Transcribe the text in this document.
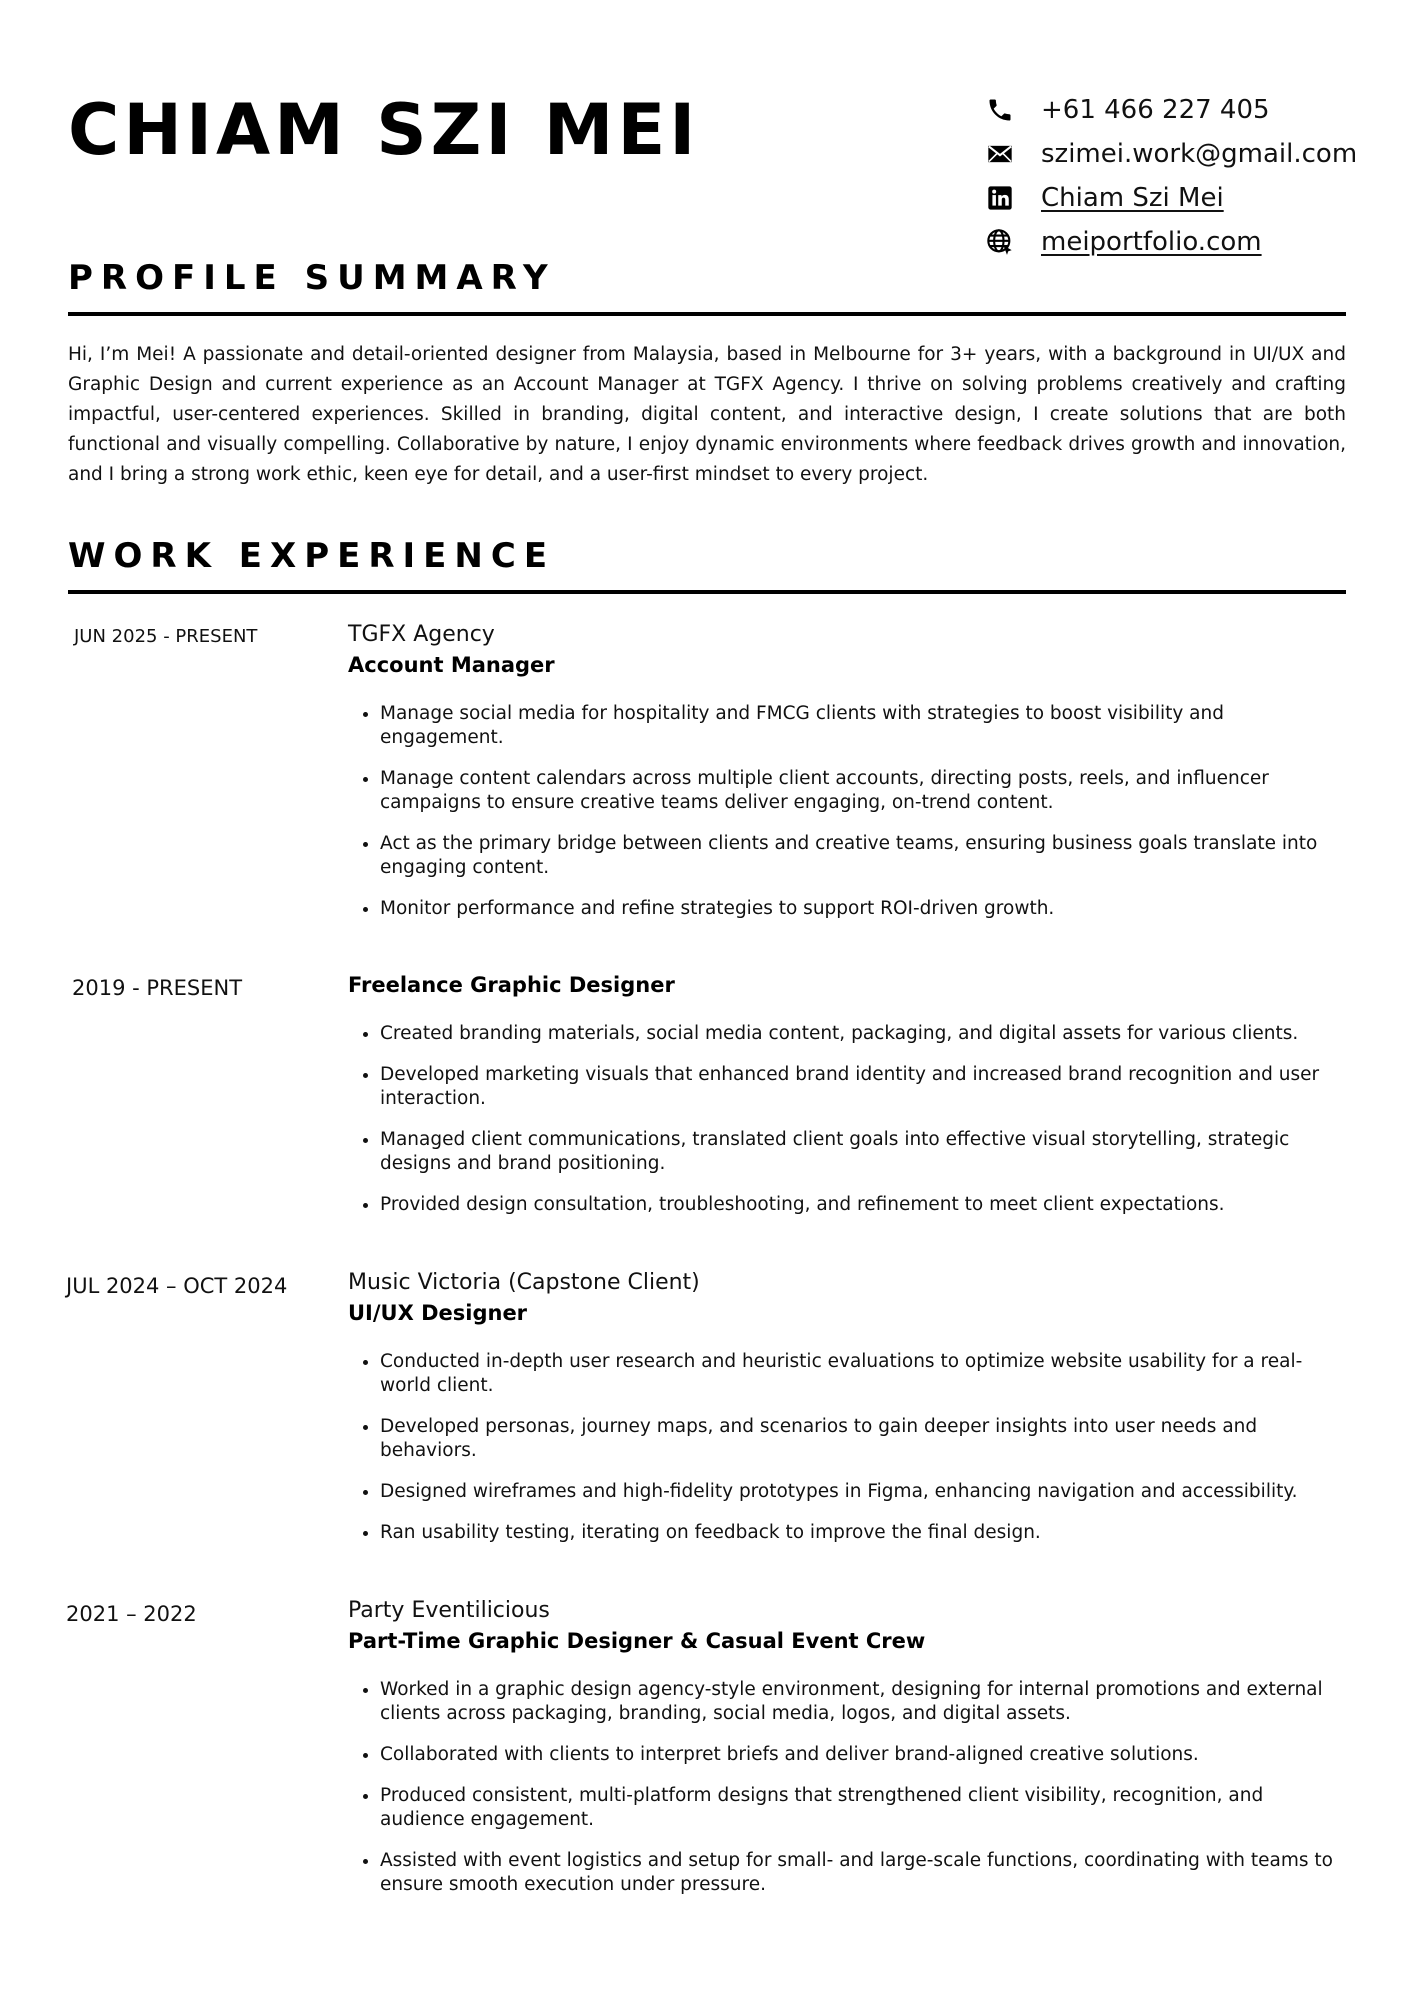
CHIAM SZI MEI	+61 466 227 405
szimei.work@gmail.com
Chiam Szi Mei
meiportfolio.com
PROFILE SUMMARY

Hi, I’m Mei! A passionate and detail-oriented designer from Malaysia, based in Melbourne for 3+ years, with a background in UI/UX and Graphic Design and current experience as an Account Manager at TGFX Agency. I thrive on solving problems creatively and crafting impactful, user-centered experiences. Skilled in branding, digital content, and interactive design, I create solutions that are both functional and visually compelling. Collaborative by nature, I enjoy dynamic environments where feedback drives growth and innovation, and I bring a strong work ethic, keen eye for detail, and a user-first mindset to every project.

WORK EXPERIENCE
JUN 2025 - PRESENT	TGFX Agency

Account Manager

• Manage social media for hospitality and FMCG clients with strategies to boost visibility and engagement.
• Manage content calendars across multiple client accounts, directing posts, reels, and influencer campaigns to ensure creative teams deliver engaging, on-trend content.
• Act as the primary bridge between clients and creative teams, ensuring business goals translate into engaging content.
• Monitor performance and refine strategies to support ROI-driven growth.
2019 - PRESENT	Freelance Graphic Designer

• Created branding materials, social media content, packaging, and digital assets for various clients.
• Developed marketing visuals that enhanced brand identity and increased brand recognition and user interaction.
• Managed client communications, translated client goals into effective visual storytelling, strategic designs and brand positioning.
• Provided design consultation, troubleshooting, and refinement to meet client expectations.
JUL 2024 – OCT 2024	Music Victoria (Capstone Client)

UI/UX Designer

• Conducted in-depth user research and heuristic evaluations to optimize website usability for a real-world client.
• Developed personas, journey maps, and scenarios to gain deeper insights into user needs and behaviors.
• Designed wireframes and high-fidelity prototypes in Figma, enhancing navigation and accessibility.
• Ran usability testing, iterating on feedback to improve the final design.
2021 – 2022	Party Eventilicious

Part-Time Graphic Designer & Casual Event Crew

• Worked in a graphic design agency-style environment, designing for internal promotions and external clients across packaging, branding, social media, logos, and digital assets.
• Collaborated with clients to interpret briefs and deliver brand-aligned creative solutions.
• Produced consistent, multi-platform designs that strengthened client visibility, recognition, and audience engagement.
• Assisted with event logistics and setup for small- and large-scale functions, coordinating with teams to ensure smooth execution under pressure.
